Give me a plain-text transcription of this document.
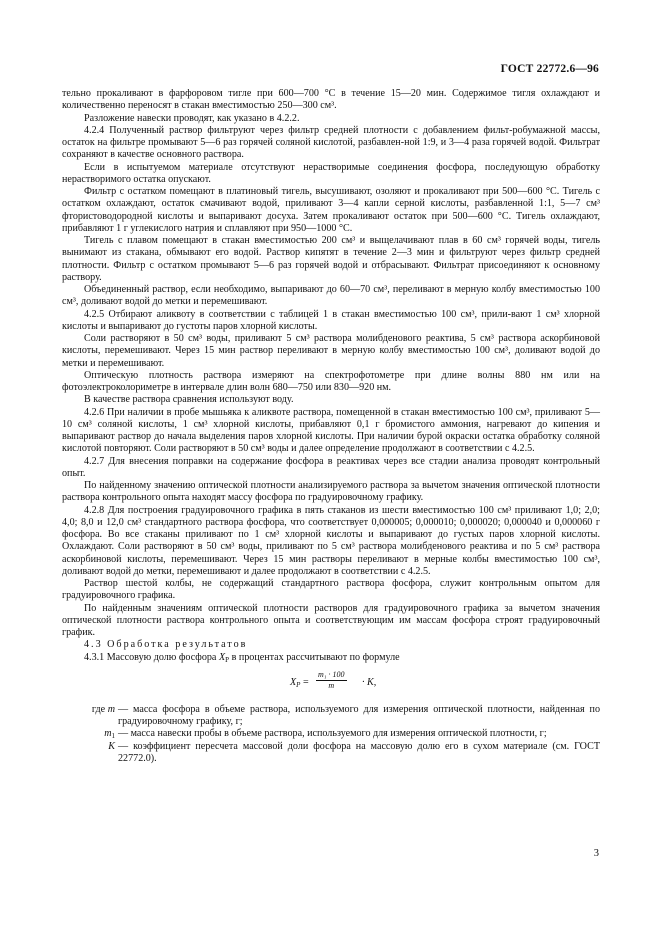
ГОСТ 22772.6—96

тельно прокаливают в фарфоровом тигле при 600—700 °С в течение 15—20 мин. Содержимое тигля охлаждают и количественно переносят в стакан вместимостью 250—300 см³.

Разложение навески проводят, как указано в 4.2.2.

4.2.4 Полученный раствор фильтруют через фильтр средней плотности с добавлением фильт-робумажной массы, остаток на фильтре промывают 5—6 раз горячей соляной кислотой, разбавлен-ной 1:9, и 3—4 раза горячей водой. Фильтрат сохраняют в качестве основного раствора.

Если в испытуемом материале отсутствуют нерастворимые соединения фосфора, последующую обработку нерастворимого остатка опускают.

Фильтр с остатком помещают в платиновый тигель, высушивают, озоляют и прокаливают при 500—600 °С. Тигель с остатком охлаждают, остаток смачивают водой, приливают 3—4 капли серной кислоты, разбавленной 1:1, 5—7 см³ фтористоводородной кислоты и выпаривают досуха. Затем прокаливают остаток при 500—600 °С. Тигель охлаждают, прибавляют 1 г углекислого натрия и сплавляют при 950—1000 °С.

Тигель с плавом помещают в стакан вместимостью 200 см³ и выщелачивают плав в 60 см³ горячей воды, тигель вынимают из стакана, обмывают его водой. Раствор кипятят в течение 2—3 мин и фильтруют через фильтр средней плотности. Фильтр с остатком промывают 5—6 раз горячей водой и отбрасывают. Фильтрат присоединяют к основному раствору.

Объединенный раствор, если необходимо, выпаривают до 60—70 см³, переливают в мерную колбу вместимостью 100 см³, доливают водой до метки и перемешивают.

4.2.5 Отбирают аликвоту в соответствии с таблицей 1 в стакан вместимостью 100 см³, прили-вают 1 см³ хлорной кислоты и выпаривают до густоты паров хлорной кислоты.

Соли растворяют в 50 см³ воды, приливают 5 см³ раствора молибденового реактива, 5 см³ раствора аскорбиновой кислоты, перемешивают. Через 15 мин раствор переливают в мерную колбу вместимостью 100 см³, доливают водой до метки и перемешивают.

Оптическую плотность раствора измеряют на спектрофотометре при длине волны 880 нм или на фотоэлектроколориметре в интервале длин волн 680—750 или 830—920 нм.

В качестве раствора сравнения используют воду.

4.2.6 При наличии в пробе мышьяка к аликвоте раствора, помещенной в стакан вместимостью 100 см³, приливают 5—10 см³ соляной кислоты, 1 см³ хлорной кислоты, прибавляют 0,1 г бромистого аммония, нагревают до кипения и выпаривают раствор до начала выделения паров хлорной кислоты. При наличии бурой окраски остатка обработку соляной кислотой повторяют. Соли растворяют в 50 см³ воды и далее определение продолжают в соответствии с 4.2.5.

4.2.7 Для внесения поправки на содержание фосфора в реактивах через все стадии анализа проводят контрольный опыт.

По найденному значению оптической плотности анализируемого раствора за вычетом значения оптической плотности раствора контрольного опыта находят массу фосфора по градуировочному графику.

4.2.8 Для построения градуировочного графика в пять стаканов из шести вместимостью 100 см³ приливают 1,0; 2,0; 4,0; 8,0 и 12,0 см³ стандартного раствора фосфора, что соответствует 0,000005; 0,000010; 0,000020; 0,000040 и 0,000060 г фосфора. Во все стаканы приливают по 1 см³ хлорной кислоты и выпаривают до густых паров хлорной кислоты. Охлаждают. Соли растворяют в 50 см³ воды, приливают по 5 см³ раствора молибденового реактива и по 5 см³ раствора аскорбиновой кислоты, перемешивают. Через 15 мин растворы переливают в мерные колбы вместимостью 100 см³, доливают водой до метки, перемешивают и далее продолжают в соответствии с 4.2.5.

Раствор шестой колбы, не содержащий стандартного раствора фосфора, служит контрольным опытом для градуировочного графика.

По найденным значениям оптической плотности растворов для градуировочного графика за вычетом значения оптической плотности раствора контрольного опыта и соответствующим им массам фосфора строят градуировочный график.

4.3 Обработка результатов

4.3.1 Массовую долю фосфора $X_P$ в процентах рассчитывают по формуле

$X_P = \frac{\text{m₁ · 100}}{m} \cdot K$,
где m — масса фосфора в объеме раствора, используемого для измерения оптической плотности, найденная по градуировочному графику, г;
$m_1$ — масса навески пробы в объеме раствора, используемого для измерения оптической плотности, г;
K — коэффициент пересчета массовой доли фосфора на массовую долю его в сухом материале (см. ГОСТ 22772.0).
3
